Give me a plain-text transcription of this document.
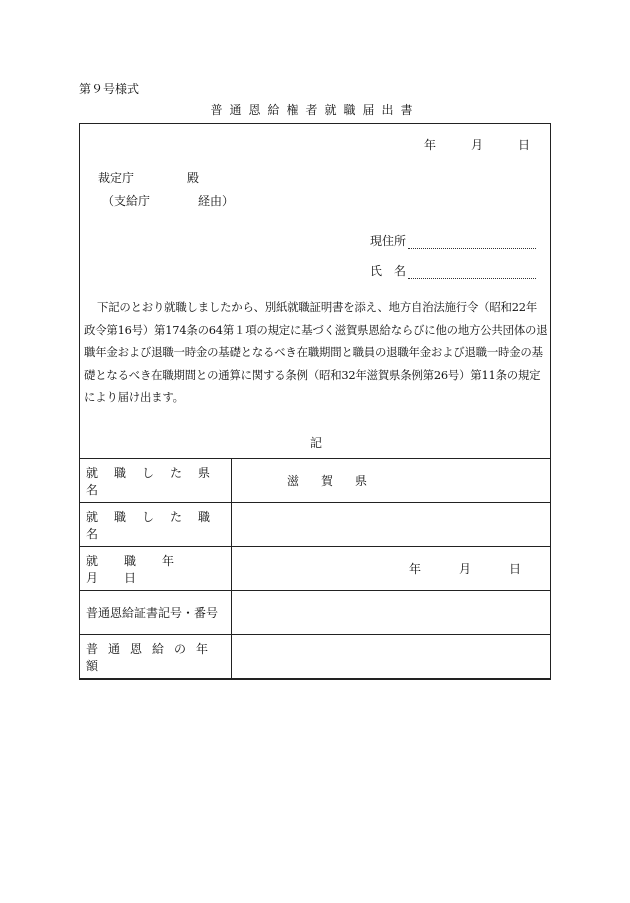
第９号様式
普通恩給権者就職届出書
年	月	日
裁定庁	殿
（支給庁	経由）
現住所
氏 名
下記のとおり就職しましたから、別紙就職証明書を添え、地方自治法施行令（昭和22年政令第16号）第174条の64第１項の規定に基づく滋賀県恩給ならびに他の地方公共団体の退職年金および退職一時金の基礎となるべき在職期間と職員の退職年金および退職一時金の基礎となるべき在職期間との通算に関する条例（昭和32年滋賀県条例第26号）第11条の規定により届け出ます。
記
就職した県名	滋賀県
就職した職名	
就職年月日	年 月 日

普通恩給証書記号・番号	
普通恩給の年額	
